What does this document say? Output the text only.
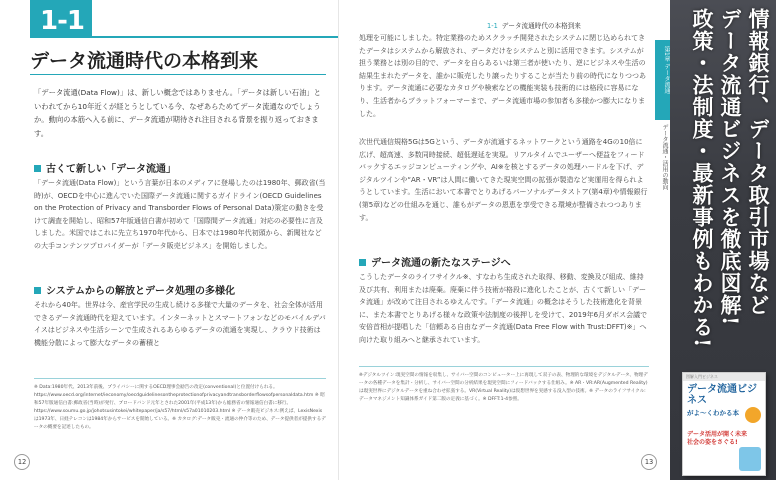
1-1
データ流通時代の本格到来
「データ流通(Data Flow)」は、新しい概念ではありません。「データは新しい石油」といわれてから10年近くが経とうとしている今、なぜあらためてデータ流通なのでしょうか。動向の本筋へ入る前に、データ流通が期待され注目される背景を振り返っておきます。
古くて新しい「データ流通」
「データ流通(Data Flow)」という言葉が日本のメディアに登場したのは1980年、郵政省(当時)が、OECDを中心に進んでいた国際データ流通に関するガイドライン(OECD Guidelines on the Protection of Privacy and Transborder Flows of Personal Data)策定の動きを受けて調査を開始し、昭和57年版通信白書が初めて「国際間データ流通」対応の必要性に言及しました。米国ではこれに先立ち1970年代から、日本では1980年代初頭から、新聞社などの大手コンテンツプロバイダーが「データ販売ビジネス」を開始しました。
システムからの解放とデータ処理の多様化
それから40年。世界は今、産官学民の生成し続ける多様で大量のデータを、社会全体が活用できるデータ流通時代を迎えています。インターネットとスマートフォンなどのモバイルデバイスはビジネスや生活シーンで生成されるあらゆるデータの流通を実現し、クラウド技術は機能分散によって膨大なデータの蓄積と
※ Data:1980年代、2013年前後、プライバシーに関するOECD理事会勧告の改定(conventional)と位置付けられる。https://www.oecd.org/internet/ieconomy/oecdguidelinesontheprotectionofprivacyandtransborderflowsofpersonaldata.htm ※ 昭和57年版通信白書:郵政省(当時)が発行、ブロードバンド元年とされた2001年(平成13年)から総務省の情報通信白書に移行。https://www.soumu.go.jp/johotsusintokei/whitepaper/ja/s57/html/s57a01010203.html ※ データ販売ビジネス:例えば、LexisNexisは1973年、日経テレコンは1984年からサービスを開始している。※ カタログ:データ販売・流通の仲介等のため、データ提供者が提供するデータの概要を記述したもの。
12
1-1 データ流通時代の本格到来
第1章 データ流通
データ流通・活用の動向
処理を可能にしました。特定業務のためスクラッチ開発されたシステムに閉じ込められてきたデータはシステムから解放され、データだけをシステムと別に活用できます。システムが担う業務とは別の目的で、データを自らあるいは第三者が使いたり、逆にビジネスや生活の結果生まれたデータを、誰かに販売したり譲ったりすることが当たり前の時代になりつつあります。データ流通に必要なカタログや検索などの機能実装も技術的には格段に容易になり、生活者からプラットフォーマーまで、データ流通市場の参加者も多様かつ膨大になりました。
次世代通信規格5Gは5Gという、データが流通するネットワークという通路を4Gの10倍に広げ、超高速、多数同時接続、超低遅延を実現。リアルタイムでユーザーへ便益をフィードバックするエッジコンピューティングや、AI※を核とするデータの処理ハードルを下げ、デジタルツインや“AR・VR”は人間に働いてきた現実空間の拡張が製造など実運用を得られようとしています。生活において本書でとりあげるパーソナルデータストア(第4章)や情報銀行(第5章)などの仕組みを通じ、誰もがデータの恩恵を享受できる環境が整備されつつあります。
データ流通の新たなステージへ
こうしたデータのライフサイクル※、すなわち生成された取得、移動、変換及び組成、維持及び共有、利用または廃棄。廃棄に伴う技術が格段に進化したことが、古くて新しい「データ流通」が改めて注目されるゆえんです。「データ流通」の概念はそうした技術進化を背景に、また本書でとりあげる様々な政策や法制度の後押しを受けて、2019年6月ダボス会議で安倍首相が提唱した「信頼ある自由なデータ流通(Data Free Flow with Trust:DFFT)※」へ向けた取り組みへと継承されています。
※デジタルツイン:現実空間の情報を収集し、サイバー空間のコンピューター上に再現して双子の表、物理的な環境をデジタルデータ、物理データの各種データを集計・分析し、サイバー空間の分析結果を現実空間にフィードバックする仕組み。※ AR・VR:AR(Augmented Reality)は現実世界にデジタルデータを重ね合わせ拡張する。VR(Virtual Reality)は仮想世界を実感する没入型の技術。※ データのライフサイクル:データマネジメント知識体系ガイド第二版の定義に基づく。※ DFFT:1-4参照。
13
情報銀行、データ取引市場など
データ流通ビジネスを徹底図解!
政策・法制度・最新事例もわかる!
図解入門ビジネス
データ流通ビジネス
がよ～くわかる本
データ活用が開く未来社会の姿をさぐる!
